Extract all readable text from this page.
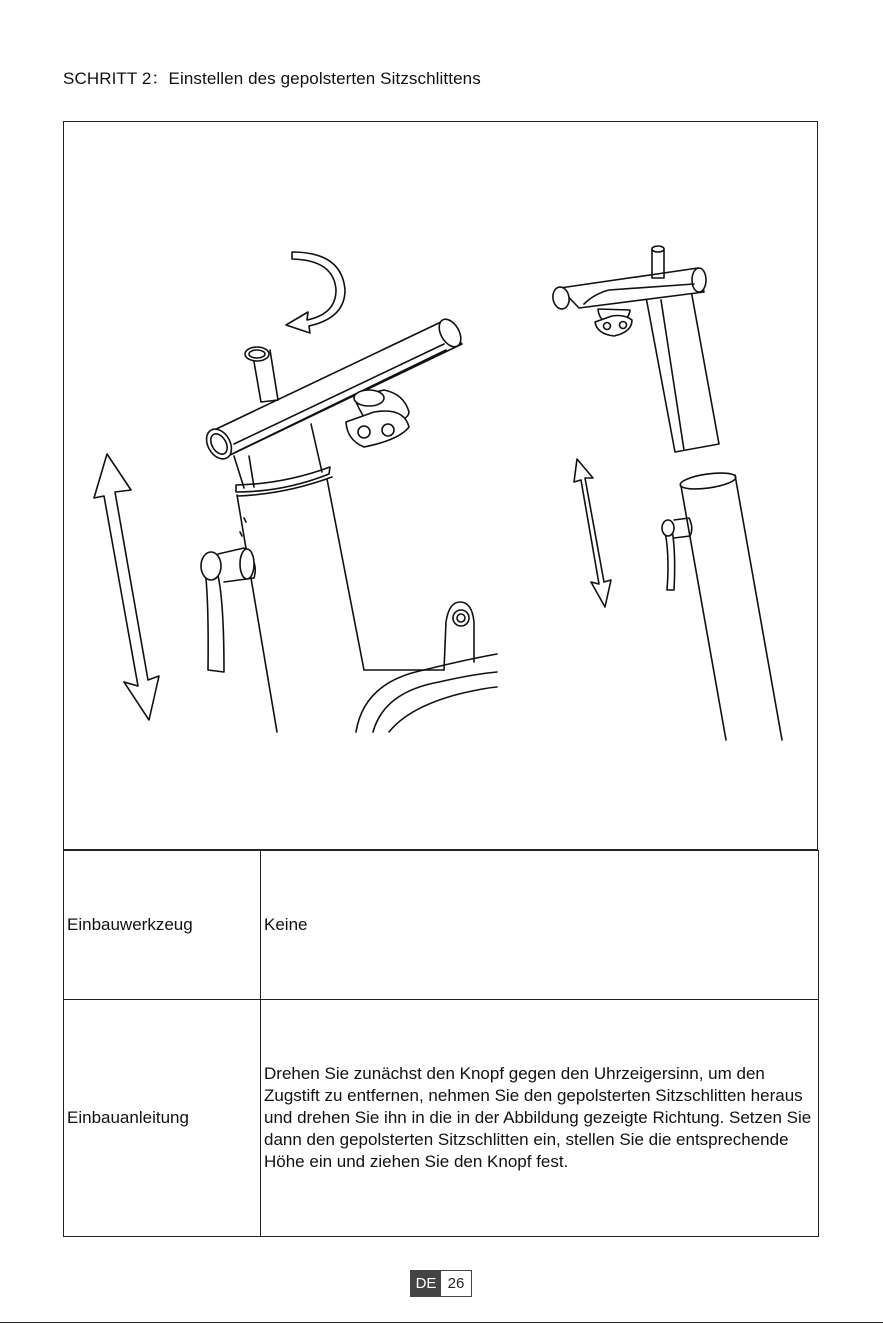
SCHRITT 2：Einstellen des gepolsterten Sitzschlittens
Einbauwerkzeug	Keine
Einbauanleitung	Drehen Sie zunächst den Knopf gegen den Uhrzeigersinn, um den Zugstift zu entfernen, nehmen Sie den gepolsterten Sitzschlitten heraus und drehen Sie ihn in die in der Abbildung gezeigte Richtung. Setzen Sie dann den gepolsterten Sitzschlitten ein, stellen Sie die entsprechende Höhe ein und ziehen Sie den Knopf fest.
DE 26
